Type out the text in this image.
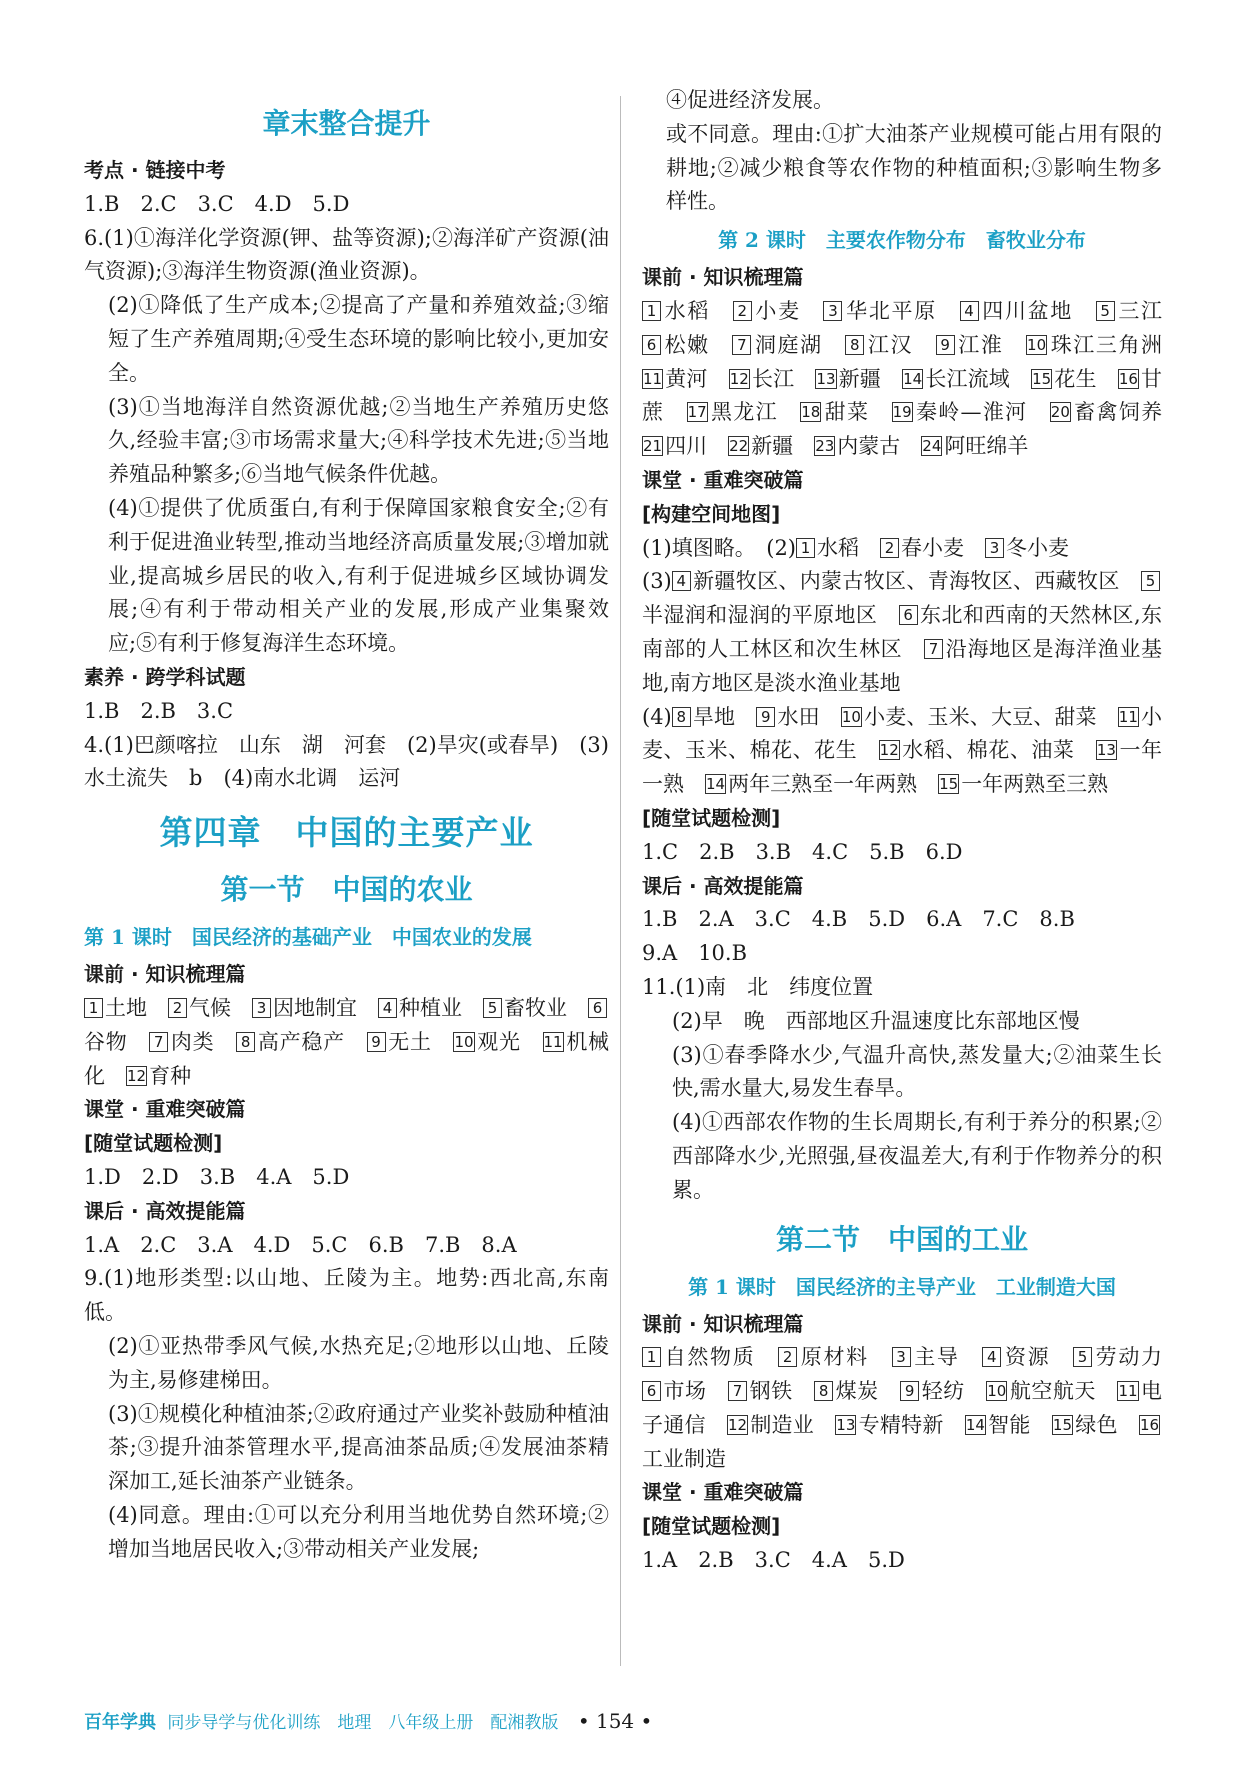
章末整合提升
考点 · 链接中考
1.B　2.C　3.C　4.D　5.D
6.(1)①海洋化学资源(钾、盐等资源);②海洋矿产资源(油气资源);③海洋生物资源(渔业资源)。
(2)①降低了生产成本;②提高了产量和养殖效益;③缩短了生产养殖周期;④受生态环境的影响比较小,更加安全。
(3)①当地海洋自然资源优越;②当地生产养殖历史悠久,经验丰富;③市场需求量大;④科学技术先进;⑤当地养殖品种繁多;⑥当地气候条件优越。
(4)①提供了优质蛋白,有利于保障国家粮食安全;②有利于促进渔业转型,推动当地经济高质量发展;③增加就业,提高城乡居民的收入,有利于促进城乡区域协调发展;④有利于带动相关产业的发展,形成产业集聚效应;⑤有利于修复海洋生态环境。
素养 · 跨学科试题
1.B　2.B　3.C
4.(1)巴颜喀拉　山东　湖　河套　(2)旱灾(或春旱)　(3)水土流失　b　(4)南水北调　运河
第四章　中国的主要产业
第一节　中国的农业
第 1 课时　国民经济的基础产业　中国农业的发展
课前 · 知识梳理篇
1 土地　 2 气候　 3 因地制宜　 4 种植业　 5 畜牧业　 6谷物　 7 肉类　 8 高产稳产　 9 无土　 10 观光　 11 机械化　 12 育种
课堂 · 重难突破篇
[随堂试题检测]
1.D　2.D　3.B　4.A　5.D
课后 · 高效提能篇
1.A　2.C　3.A　4.D　5.C　6.B　7.B　8.A
9.(1)地形类型:以山地、丘陵为主。地势:西北高,东南低。
(2)①亚热带季风气候,水热充足;②地形以山地、丘陵为主,易修建梯田。
(3)①规模化种植油茶;②政府通过产业奖补鼓励种植油茶;③提升油茶管理水平,提高油茶品质;④发展油茶精深加工,延长油茶产业链条。
(4)同意。理由:①可以充分利用当地优势自然环境;②增加当地居民收入;③带动相关产业发展;
④促进经济发展。
或不同意。理由:①扩大油茶产业规模可能占用有限的耕地;②减少粮食等农作物的种植面积;③影响生物多样性。
第 2 课时　主要农作物分布　畜牧业分布
课前 · 知识梳理篇
1 水稻　 2 小麦　 3 华北平原　 4 四川盆地　 5 三江　6 松嫩　 7 洞庭湖　 8 江汉　 9 江淮　 10 珠江三角洲　11 黄河　 12 长江　 13 新疆　 14 长江流域　 15 花生　 16 甘蔗　 17 黑龙江　 18 甜菜　 19 秦岭—淮河　 20 畜禽饲养　21 四川　 22 新疆　 23 内蒙古　 24 阿旺绵羊
课堂 · 重难突破篇
[构建空间地图]
(1)填图略。　(2) 1 水稻　 2 春小麦　 3 冬小麦
(3) 4 新疆牧区、内蒙古牧区、青海牧区、西藏牧区　 5半湿润和湿润的平原地区　 6 东北和西南的天然林区,东南部的人工林区和次生林区　 7 沿海地区是海洋渔业基地,南方地区是淡水渔业基地
(4) 8 旱地　 9 水田　 10 小麦、玉米、大豆、甜菜　 11 小麦、玉米、棉花、花生　 12 水稻、棉花、油菜　 13 一年一熟　 14 两年三熟至一年两熟　 15 一年两熟至三熟
[随堂试题检测]
1.C　2.B　3.B　4.C　5.B　6.D
课后 · 高效提能篇
1.B　2.A　3.C　4.B　5.D　6.A　7.C　8.B
9.A　10.B
11.(1)南　北　纬度位置
(2)早　晚　西部地区升温速度比东部地区慢
(3)①春季降水少,气温升高快,蒸发量大;②油菜生长快,需水量大,易发生春旱。
(4)①西部农作物的生长周期长,有利于养分的积累;②西部降水少,光照强,昼夜温差大,有利于作物养分的积累。
第二节　中国的工业
第 1 课时　国民经济的主导产业　工业制造大国
课前 · 知识梳理篇
1 自然物质　 2 原材料　 3 主导　 4 资源　 5 劳动力　6 市场　 7 钢铁　 8 煤炭　 9 轻纺　 10 航空航天　 11 电子通信　 12 制造业　 13 专精特新　 14 智能　 15 绿色　 16工业制造
课堂 · 重难突破篇
[随堂试题检测]
1.A　2.B　3.C　4.A　5.D
百年学典 同步导学与优化训练　地理　八年级上册　配湘教版 • 154 •
